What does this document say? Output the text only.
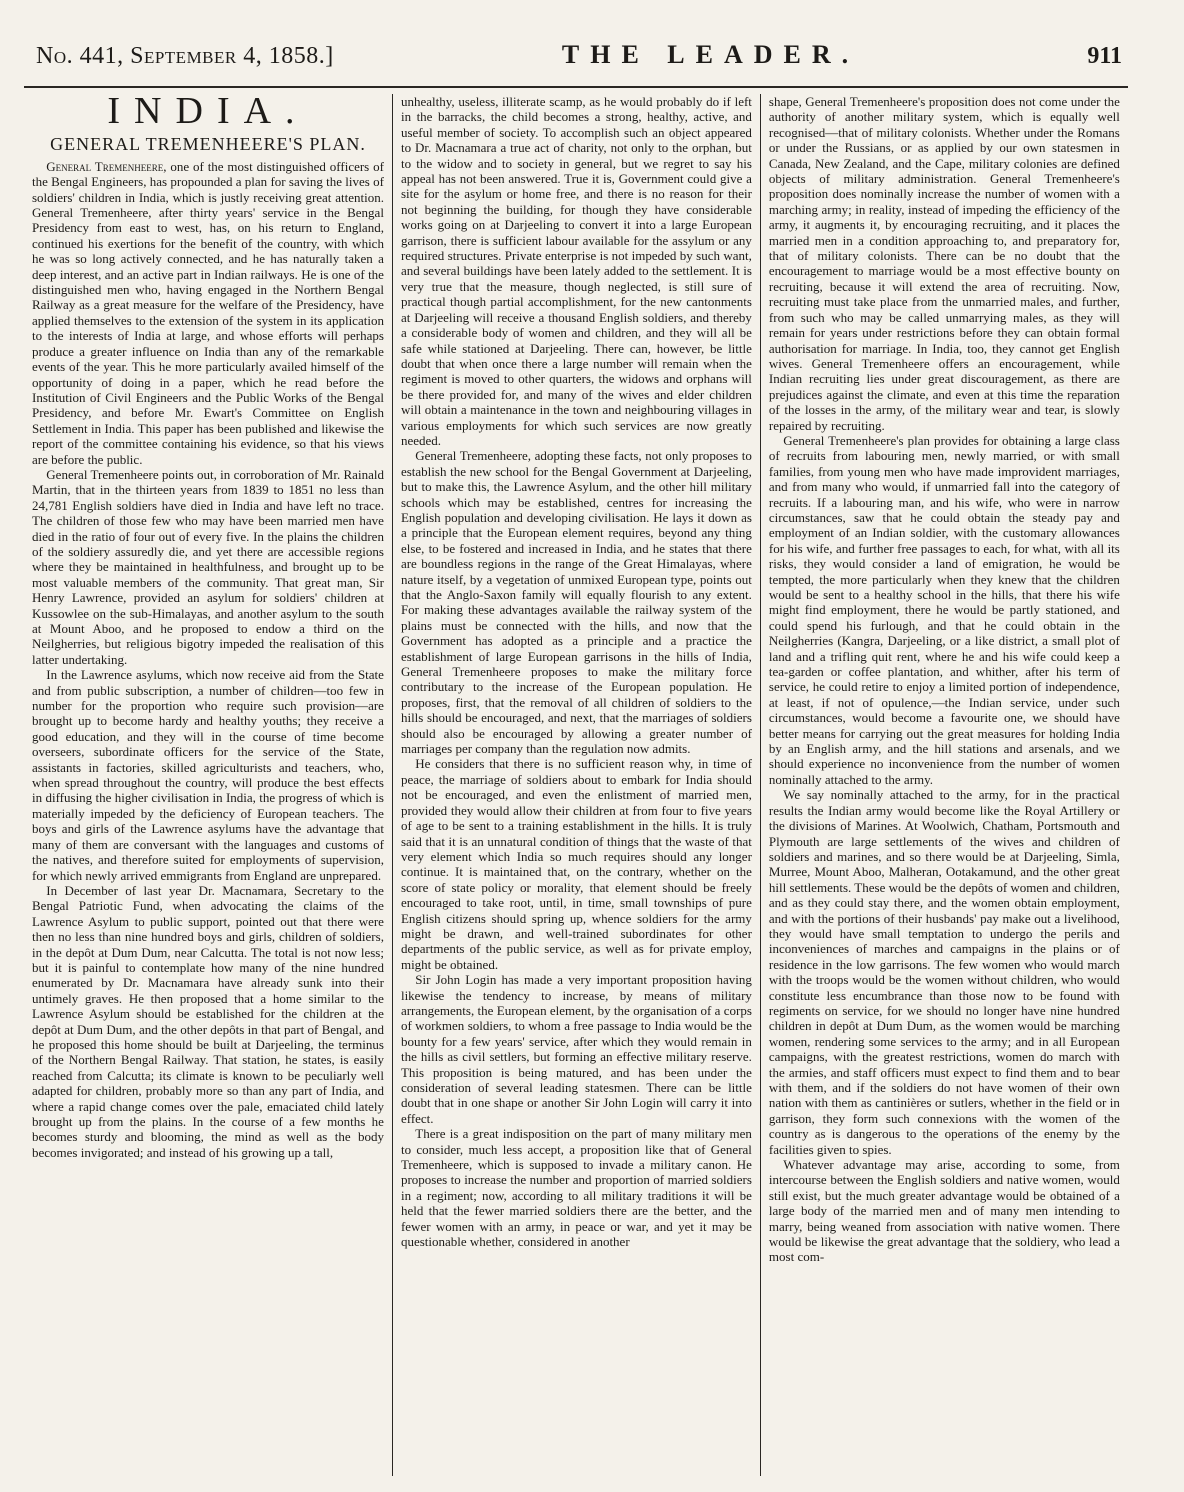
No. 441, September 4, 1858.]	THE LEADER.	911
INDIA.
GENERAL TREMENHEERE'S PLAN.

General Tremenheere, one of the most distinguished officers of the Bengal Engineers, has propounded a plan for saving the lives of soldiers' children in India, which is justly receiving great attention. General Tremenheere, after thirty years' service in the Bengal Presidency from east to west, has, on his return to England, continued his exertions for the benefit of the country, with which he was so long actively connected, and he has naturally taken a deep interest, and an active part in Indian railways. He is one of the distinguished men who, having engaged in the Northern Bengal Railway as a great measure for the welfare of the Presidency, have applied themselves to the extension of the system in its application to the interests of India at large, and whose efforts will perhaps produce a greater influence on India than any of the remarkable events of the year. This he more particularly availed himself of the opportunity of doing in a paper, which he read before the Institution of Civil Engineers and the Public Works of the Bengal Presidency, and before Mr. Ewart's Committee on English Settlement in India. This paper has been published and likewise the report of the committee containing his evidence, so that his views are before the public.

General Tremenheere points out, in corroboration of Mr. Rainald Martin, that in the thirteen years from 1839 to 1851 no less than 24,781 English soldiers have died in India and have left no trace. The children of those few who may have been married men have died in the ratio of four out of every five. In the plains the children of the soldiery assuredly die, and yet there are accessible regions where they be maintained in healthfulness, and brought up to be most valuable members of the community. That great man, Sir Henry Lawrence, provided an asylum for soldiers' children at Kussowlee on the sub-Himalayas, and another asylum to the south at Mount Aboo, and he proposed to endow a third on the Neilgherries, but religious bigotry impeded the realisation of this latter undertaking.

In the Lawrence asylums, which now receive aid from the State and from public subscription, a number of children—too few in number for the proportion who require such provision—are brought up to become hardy and healthy youths; they receive a good education, and they will in the course of time become overseers, subordinate officers for the service of the State, assistants in factories, skilled agriculturists and teachers, who, when spread throughout the country, will produce the best effects in diffusing the higher civilisation in India, the progress of which is materially impeded by the deficiency of European teachers. The boys and girls of the Lawrence asylums have the advantage that many of them are conversant with the languages and customs of the natives, and therefore suited for employments of supervision, for which newly arrived emmigrants from England are unprepared.

In December of last year Dr. Macnamara, Secretary to the Bengal Patriotic Fund, when advocating the claims of the Lawrence Asylum to public support, pointed out that there were then no less than nine hundred boys and girls, children of soldiers, in the depôt at Dum Dum, near Calcutta. The total is not now less; but it is painful to contemplate how many of the nine hundred enumerated by Dr. Macnamara have already sunk into their untimely graves. He then proposed that a home similar to the Lawrence Asylum should be established for the children at the depôt at Dum Dum, and the other depôts in that part of Bengal, and he proposed this home should be built at Darjeeling, the terminus of the Northern Bengal Railway. That station, he states, is easily reached from Calcutta; its climate is known to be peculiarly well adapted for children, probably more so than any part of India, and where a rapid change comes over the pale, emaciated child lately brought up from the plains. In the course of a few months he becomes sturdy and blooming, the mind as well as the body becomes invigorated; and instead of his growing up a tall,

unhealthy, useless, illiterate scamp, as he would probably do if left in the barracks, the child becomes a strong, healthy, active, and useful member of society. To accomplish such an object appeared to Dr. Macnamara a true act of charity, not only to the orphan, but to the widow and to society in general, but we regret to say his appeal has not been answered. True it is, Government could give a site for the asylum or home free, and there is no reason for their not beginning the building, for though they have considerable works going on at Darjeeling to convert it into a large European garrison, there is sufficient labour available for the assylum or any required structures. Private enterprise is not impeded by such want, and several buildings have been lately added to the settlement. It is very true that the measure, though neglected, is still sure of practical though partial accomplishment, for the new cantonments at Darjeeling will receive a thousand English soldiers, and thereby a considerable body of women and children, and they will all be safe while stationed at Darjeeling. There can, however, be little doubt that when once there a large number will remain when the regiment is moved to other quarters, the widows and orphans will be there provided for, and many of the wives and elder children will obtain a maintenance in the town and neighbouring villages in various employments for which such services are now greatly needed.

General Tremenheere, adopting these facts, not only proposes to establish the new school for the Bengal Government at Darjeeling, but to make this, the Lawrence Asylum, and the other hill military schools which may be established, centres for increasing the English population and developing civilisation. He lays it down as a principle that the European element requires, beyond any thing else, to be fostered and increased in India, and he states that there are boundless regions in the range of the Great Himalayas, where nature itself, by a vegetation of unmixed European type, points out that the Anglo-Saxon family will equally flourish to any extent. For making these advantages available the railway system of the plains must be connected with the hills, and now that the Government has adopted as a principle and a practice the establishment of large European garrisons in the hills of India, General Tremenheere proposes to make the military force contributary to the increase of the European population. He proposes, first, that the removal of all children of soldiers to the hills should be encouraged, and next, that the marriages of soldiers should also be encouraged by allowing a greater number of marriages per company than the regulation now admits.

He considers that there is no sufficient reason why, in time of peace, the marriage of soldiers about to embark for India should not be encouraged, and even the enlistment of married men, provided they would allow their children at from four to five years of age to be sent to a training establishment in the hills. It is truly said that it is an unnatural condition of things that the waste of that very element which India so much requires should any longer continue. It is maintained that, on the contrary, whether on the score of state policy or morality, that element should be freely encouraged to take root, until, in time, small townships of pure English citizens should spring up, whence soldiers for the army might be drawn, and well-trained subordinates for other departments of the public service, as well as for private employ, might be obtained.

Sir John Login has made a very important proposition having likewise the tendency to increase, by means of military arrangements, the European element, by the organisation of a corps of workmen soldiers, to whom a free passage to India would be the bounty for a few years' service, after which they would remain in the hills as civil settlers, but forming an effective military reserve. This proposition is being matured, and has been under the consideration of several leading statesmen. There can be little doubt that in one shape or another Sir John Login will carry it into effect.

There is a great indisposition on the part of many military men to consider, much less accept, a proposition like that of General Tremenheere, which is supposed to invade a military canon. He proposes to increase the number and proportion of married soldiers in a regiment; now, according to all military traditions it will be held that the fewer married soldiers there are the better, and the fewer women with an army, in peace or war, and yet it may be questionable whether, considered in another

shape, General Tremenheere's proposition does not come under the authority of another military system, which is equally well recognised—that of military colonists. Whether under the Romans or under the Russians, or as applied by our own statesmen in Canada, New Zealand, and the Cape, military colonies are defined objects of military administration. General Tremenheere's proposition does nominally increase the number of women with a marching army; in reality, instead of impeding the efficiency of the army, it augments it, by encouraging recruiting, and it places the married men in a condition approaching to, and preparatory for, that of military colonists. There can be no doubt that the encouragement to marriage would be a most effective bounty on recruiting, because it will extend the area of recruiting. Now, recruiting must take place from the unmarried males, and further, from such who may be called unmarrying males, as they will remain for years under restrictions before they can obtain formal authorisation for marriage. In India, too, they cannot get English wives. General Tremenheere offers an encouragement, while Indian recruiting lies under great discouragement, as there are prejudices against the climate, and even at this time the reparation of the losses in the army, of the military wear and tear, is slowly repaired by recruiting.

General Tremenheere's plan provides for obtaining a large class of recruits from labouring men, newly married, or with small families, from young men who have made improvident marriages, and from many who would, if unmarried fall into the category of recruits. If a labouring man, and his wife, who were in narrow circumstances, saw that he could obtain the steady pay and employment of an Indian soldier, with the customary allowances for his wife, and further free passages to each, for what, with all its risks, they would consider a land of emigration, he would be tempted, the more particularly when they knew that the children would be sent to a healthy school in the hills, that there his wife might find employment, there he would be partly stationed, and could spend his furlough, and that he could obtain in the Neilgherries (Kangra, Darjeeling, or a like district, a small plot of land and a trifling quit rent, where he and his wife could keep a tea-garden or coffee plantation, and whither, after his term of service, he could retire to enjoy a limited portion of independence, at least, if not of opulence,—the Indian service, under such circumstances, would become a favourite one, we should have better means for carrying out the great measures for holding India by an English army, and the hill stations and arsenals, and we should experience no inconvenience from the number of women nominally attached to the army.

We say nominally attached to the army, for in the practical results the Indian army would become like the Royal Artillery or the divisions of Marines. At Woolwich, Chatham, Portsmouth and Plymouth are large settlements of the wives and children of soldiers and marines, and so there would be at Darjeeling, Simla, Murree, Mount Aboo, Malheran, Ootakamund, and the other great hill settlements. These would be the depôts of women and children, and as they could stay there, and the women obtain employment, and with the portions of their husbands' pay make out a livelihood, they would have small temptation to undergo the perils and inconveniences of marches and campaigns in the plains or of residence in the low garrisons. The few women who would march with the troops would be the women without children, who would constitute less encumbrance than those now to be found with regiments on service, for we should no longer have nine hundred children in depôt at Dum Dum, as the women would be marching women, rendering some services to the army; and in all European campaigns, with the greatest restrictions, women do march with the armies, and staff officers must expect to find them and to bear with them, and if the soldiers do not have women of their own nation with them as cantinières or sutlers, whether in the field or in garrison, they form such connexions with the women of the country as is dangerous to the operations of the enemy by the facilities given to spies.

Whatever advantage may arise, according to some, from intercourse between the English soldiers and native women, would still exist, but the much greater advantage would be obtained of a large body of the married men and of many men intending to marry, being weaned from association with native women. There would be likewise the great advantage that the soldiery, who lead a most com-
